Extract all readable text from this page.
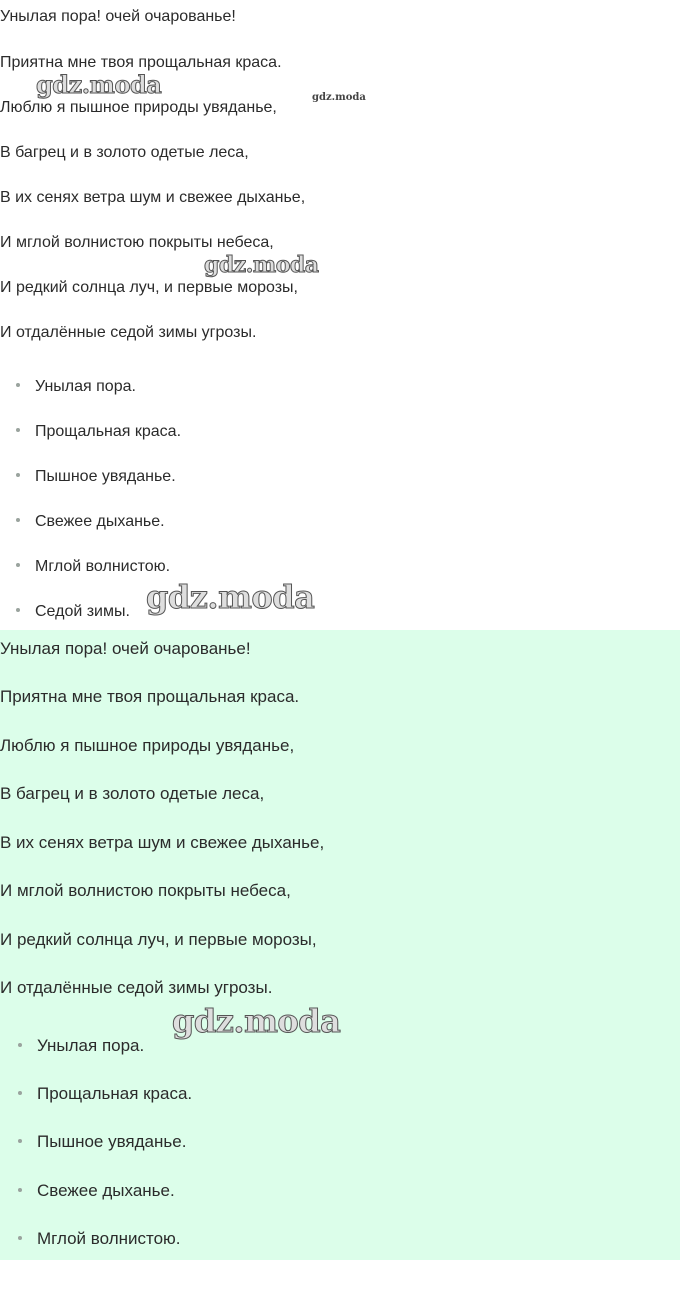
Унылая пора! очей очарованье!
Приятна мне твоя прощальная краса.
Люблю я пышное природы увяданье,
В багрец и в золото одетые леса,
В их сенях ветра шум и свежее дыханье,
И мглой волнистою покрыты небеса,
И редкий солнца луч, и первые морозы,
И отдалённые седой зимы угрозы.
Унылая пора.
Прощальная краса.
Пышное увяданье.
Свежее дыханье.
Мглой волнистою.
Седой зимы.
gdz.moda	gdz.moda
gdz.moda
gdz.moda
Унылая пора! очей очарованье!
Приятна мне твоя прощальная краса.
Люблю я пышное природы увяданье,
В багрец и в золото одетые леса,
В их сенях ветра шум и свежее дыханье,
И мглой волнистою покрыты небеса,
И редкий солнца луч, и первые морозы,
И отдалённые седой зимы угрозы.
Унылая пора.
Прощальная краса.
Пышное увяданье.
Свежее дыханье.
Мглой волнистою.
gdz.moda
